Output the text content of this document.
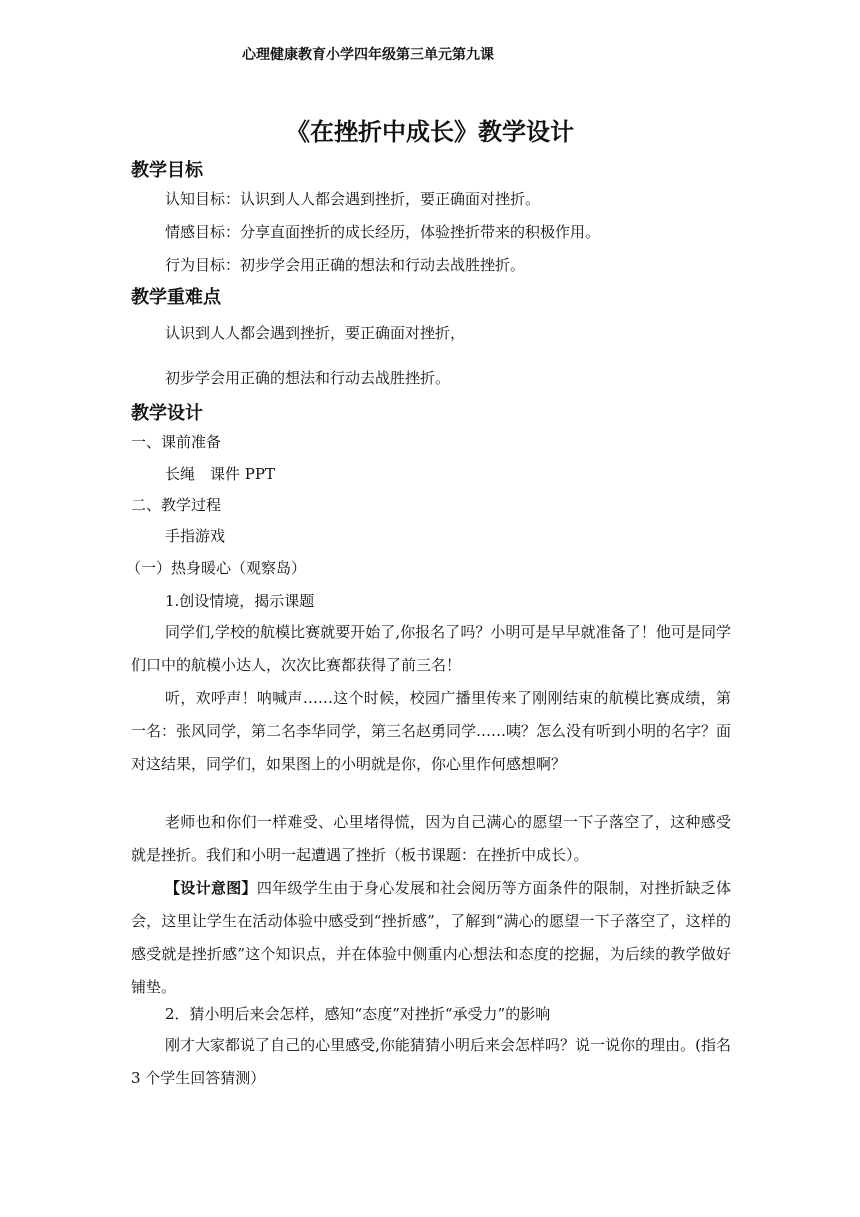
心理健康教育小学四年级第三单元第九课
《在挫折中成长》教学设计
教学目标
认知目标：认识到人人都会遇到挫折，要正确面对挫折。
情感目标：分享直面挫折的成长经历，体验挫折带来的积极作用。
行为目标：初步学会用正确的想法和行动去战胜挫折。
教学重难点
认识到人人都会遇到挫折，要正确面对挫折，
初步学会用正确的想法和行动去战胜挫折。
教学设计
一、课前准备
长绳　课件 PPT
二、教学过程
手指游戏
（一）热身暖心（观察岛）
1.创设情境，揭示课题
同学们,学校的航模比赛就要开始了,你报名了吗？小明可是早早就准备了！他可是同学们口中的航模小达人，次次比赛都获得了前三名！
听，欢呼声！呐喊声……这个时候，校园广播里传来了刚刚结束的航模比赛成绩，第一名：张风同学，第二名李华同学，第三名赵勇同学……咦？怎么没有听到小明的名字？面对这结果，同学们，如果图上的小明就是你，你心里作何感想啊？
老师也和你们一样难受、心里堵得慌，因为自己满心的愿望一下子落空了，这种感受就是挫折。我们和小明一起遭遇了挫折（板书课题：在挫折中成长）。
【设计意图】四年级学生由于身心发展和社会阅历等方面条件的限制，对挫折缺乏体会，这里让学生在活动体验中感受到“挫折感”，了解到“满心的愿望一下子落空了，这样的感受就是挫折感”这个知识点，并在体验中侧重内心想法和态度的挖掘，为后续的教学做好铺垫。
2．猜小明后来会怎样，感知“态度”对挫折“承受力”的影响
刚才大家都说了自己的心里感受,你能猜猜小明后来会怎样吗？说一说你的理由。(指名 3 个学生回答猜测）
